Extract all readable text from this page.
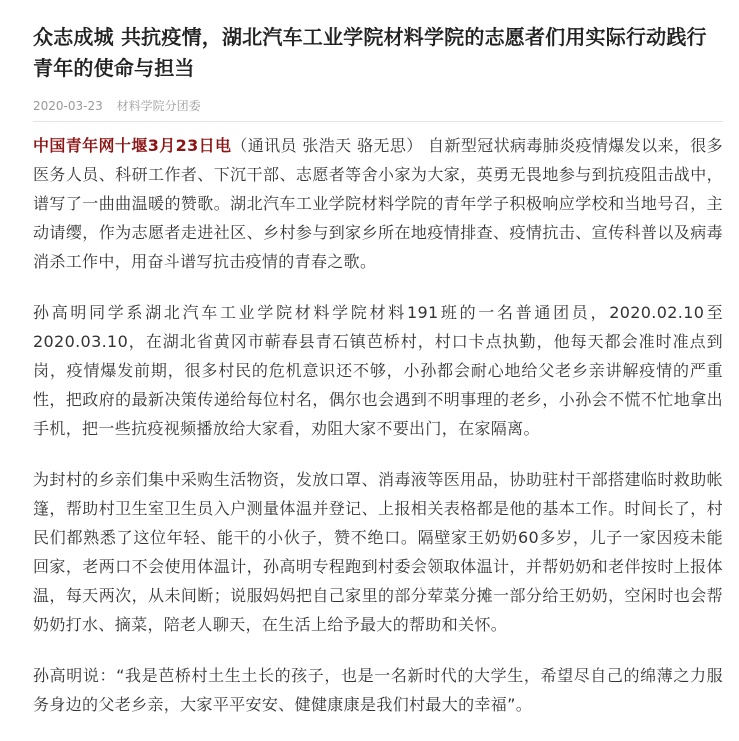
众志成城 共抗疫情，湖北汽车工业学院材料学院的志愿者们用实际行动践行青年的使命与担当
2020-03-23 材料学院分团委

中国青年网十堰3月23日电（通讯员 张浩天 骆无思） 自新型冠状病毒肺炎疫情爆发以来，很多医务人员、科研工作者、下沉干部、志愿者等舍小家为大家，英勇无畏地参与到抗疫阻击战中，谱写了一曲曲温暖的赞歌。湖北汽车工业学院材料学院的青年学子积极响应学校和当地号召，主动请缨，作为志愿者走进社区、乡村参与到家乡所在地疫情排查、疫情抗击、宣传科普以及病毒消杀工作中，用奋斗谱写抗击疫情的青春之歌。

孙高明同学系湖北汽车工业学院材料学院材料191班的一名普通团员，2020.02.10至2020.03.10，在湖北省黄冈市蕲春县青石镇芭桥村，村口卡点执勤，他每天都会准时准点到岗，疫情爆发前期，很多村民的危机意识还不够，小孙都会耐心地给父老乡亲讲解疫情的严重性，把政府的最新决策传递给每位村名，偶尔也会遇到不明事理的老乡，小孙会不慌不忙地拿出手机，把一些抗疫视频播放给大家看，劝阻大家不要出门，在家隔离。

为封村的乡亲们集中采购生活物资，发放口罩、消毒液等医用品，协助驻村干部搭建临时救助帐篷，帮助村卫生室卫生员入户测量体温并登记、上报相关表格都是他的基本工作。时间长了，村民们都熟悉了这位年轻、能干的小伙子，赞不绝口。隔壁家王奶奶60多岁，儿子一家因疫未能回家，老两口不会使用体温计，孙高明专程跑到村委会领取体温计，并帮奶奶和老伴按时上报体温，每天两次，从未间断；说服妈妈把自己家里的部分荤菜分摊一部分给王奶奶，空闲时也会帮奶奶打水、摘菜，陪老人聊天，在生活上给予最大的帮助和关怀。

孙高明说：“我是芭桥村土生土长的孩子，也是一名新时代的大学生，希望尽自己的绵薄之力服务身边的父老乡亲，大家平平安安、健健康康是我们村最大的幸福”。
